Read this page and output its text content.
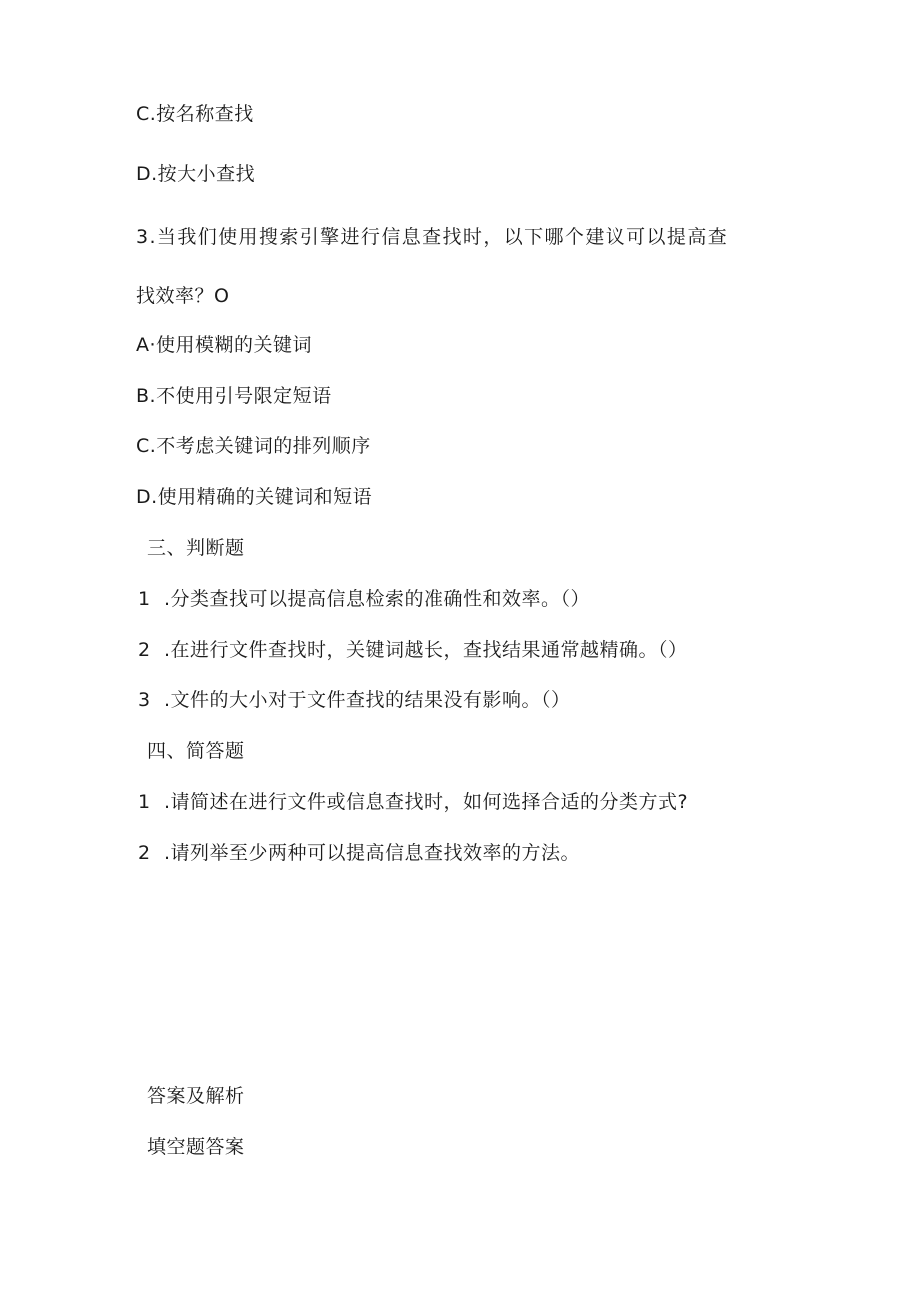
C.按名称查找
D.按大小查找
3.当我们使用搜索引擎进行信息查找时，以下哪个建议可以提高查
找效率？O
A·使用模糊的关键词
B.不使用引号限定短语
C.不考虑关键词的排列顺序
D.使用精确的关键词和短语
三、判断题
1 .分类查找可以提高信息检索的准确性和效率。（）
2 .在进行文件查找时，关键词越长，查找结果通常越精确。（）
3 .文件的大小对于文件查找的结果没有影响。（）
四、简答题
1 .请简述在进行文件或信息查找时，如何选择合适的分类方式?
2 .请列举至少两种可以提高信息查找效率的方法。
答案及解析
填空题答案
